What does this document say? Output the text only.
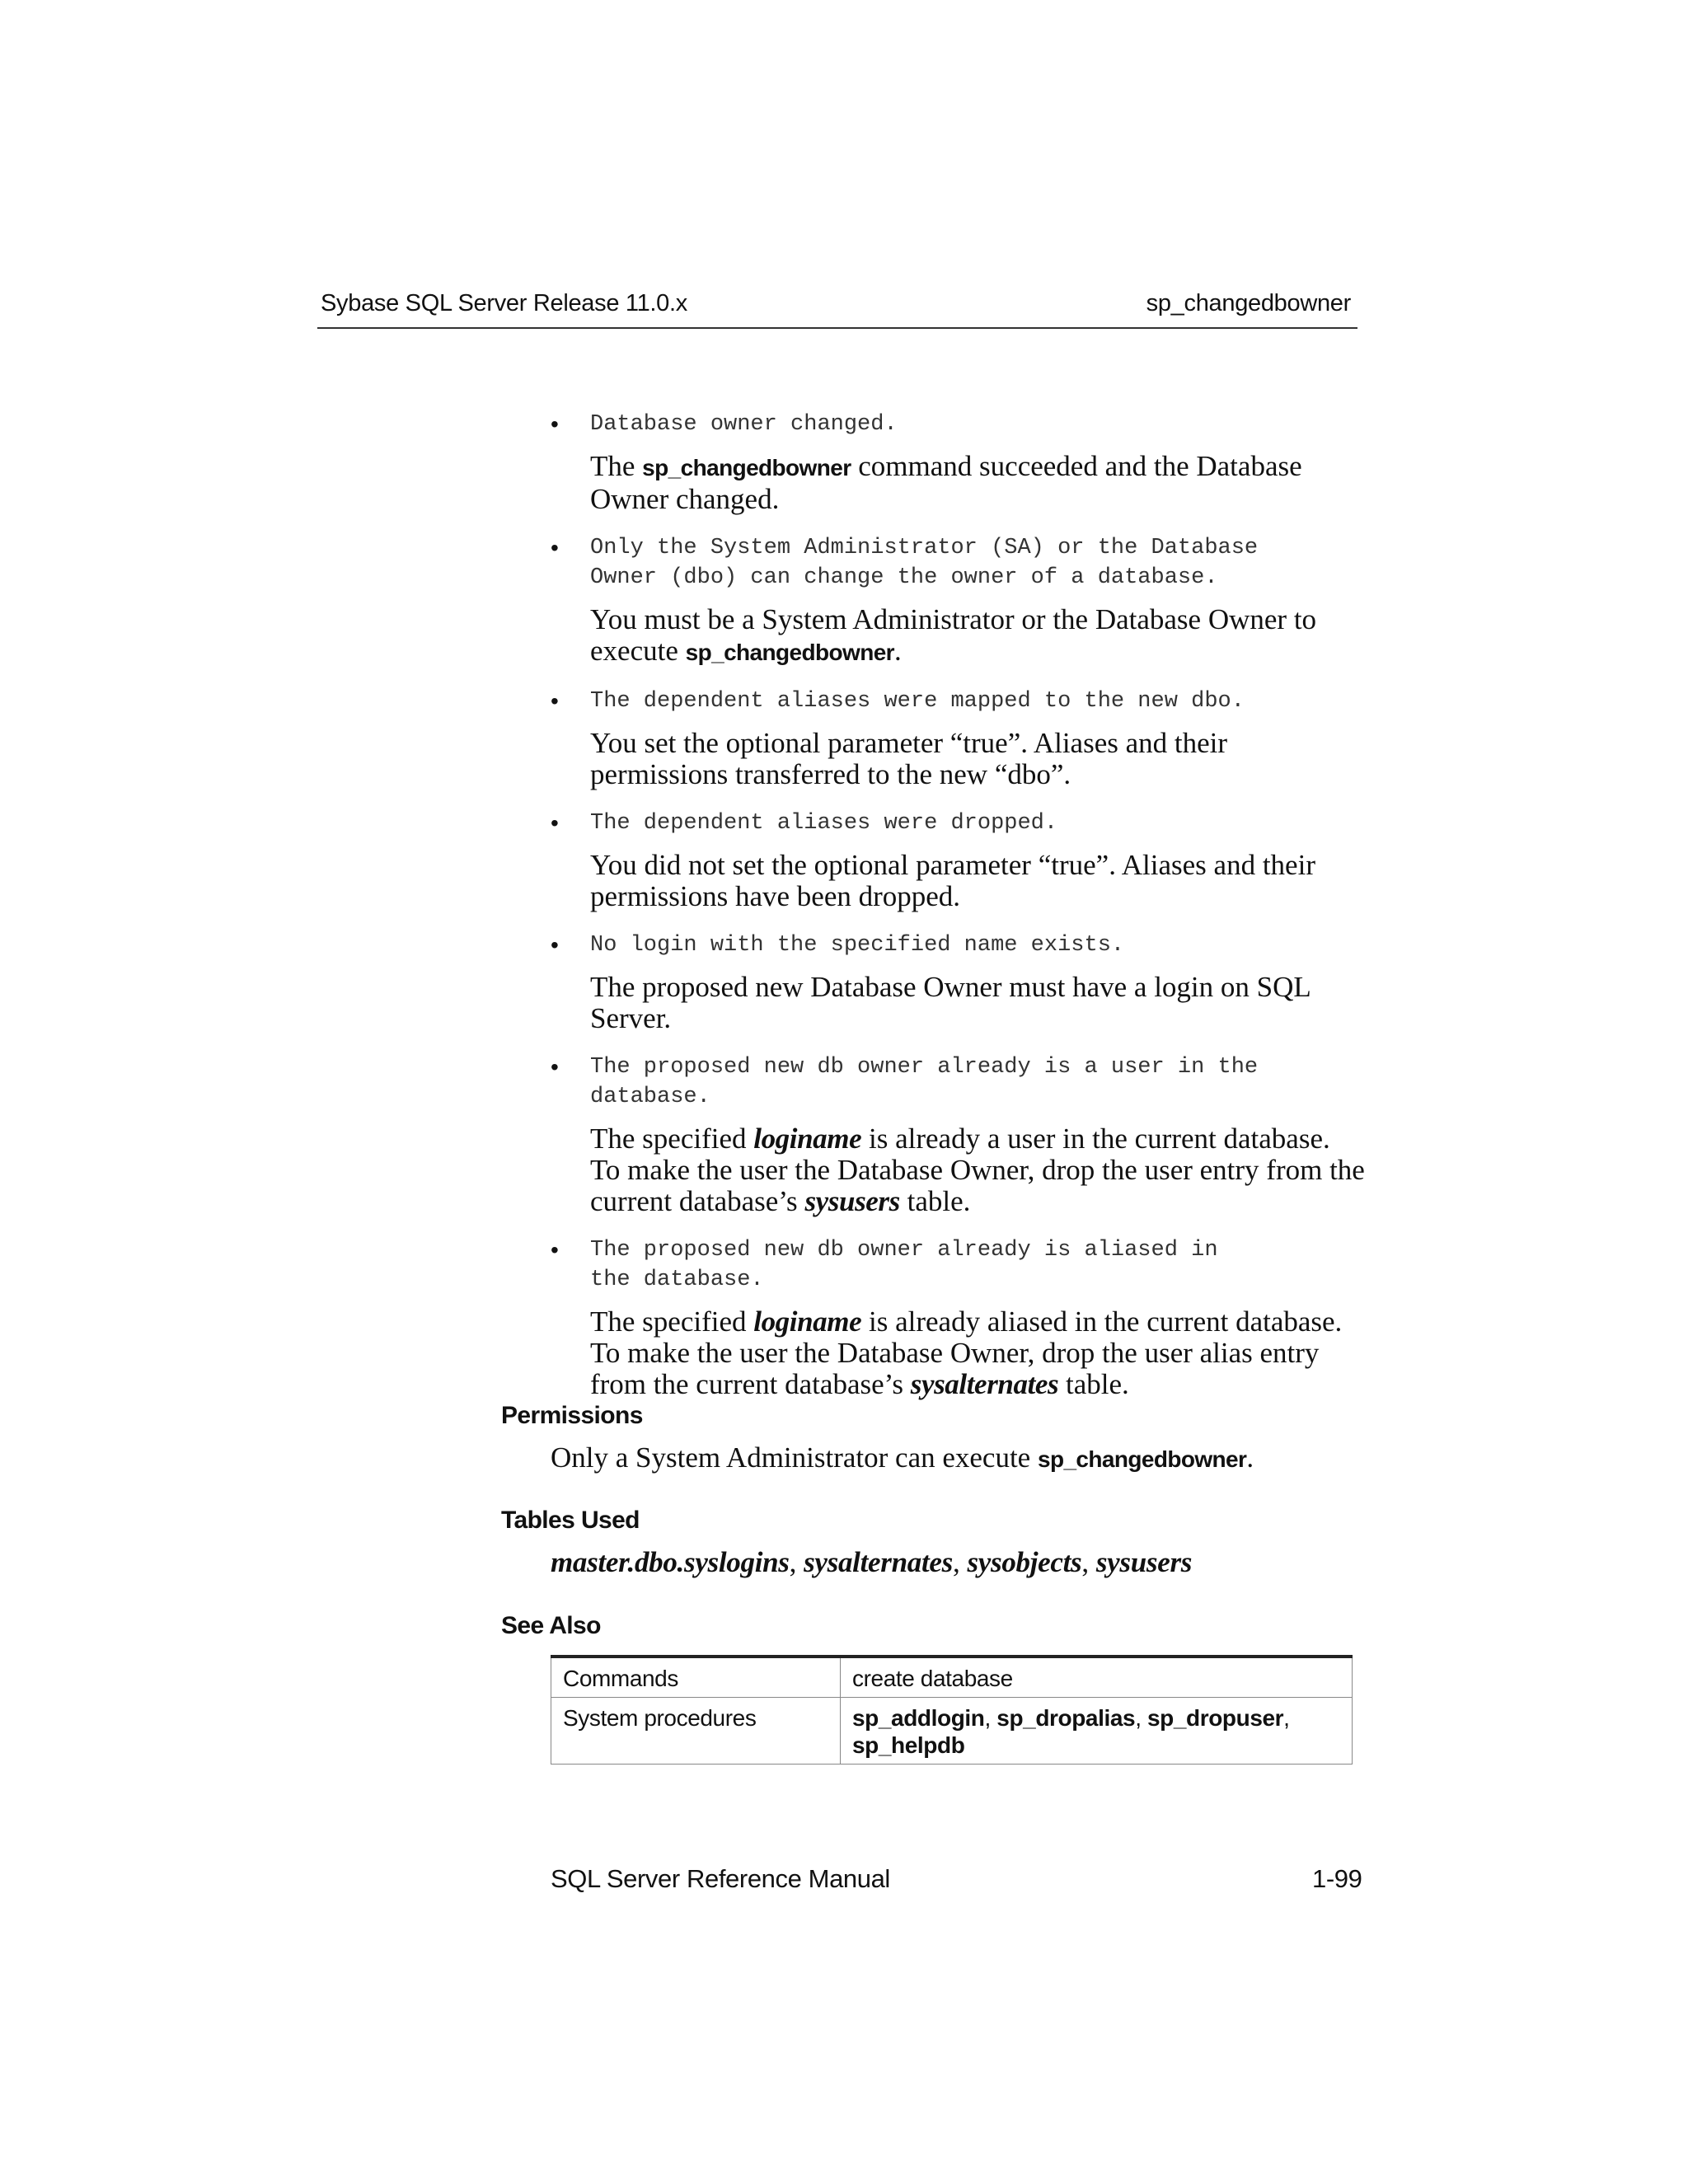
Sybase SQL Server Release 11.0.x	sp_changedbowner
• Database owner changed.
The sp_changedbowner command succeeded and the Database Owner changed.
• Only the System Administrator (SA) or the Database
Owner (dbo) can change the owner of a database.
You must be a System Administrator or the Database Owner to execute sp_changedbowner.
• The dependent aliases were mapped to the new dbo.
You set the optional parameter “true”. Aliases and their permissions transferred to the new “dbo”.
• The dependent aliases were dropped.
You did not set the optional parameter “true”. Aliases and their permissions have been dropped.
• No login with the specified name exists.
The proposed new Database Owner must have a login on SQL Server.
• The proposed new db owner already is a user in the
database.
The specified loginame is already a user in the current database. To make the user the Database Owner, drop the user entry from the current database’s sysusers table.
• The proposed new db owner already is aliased in
the database.
The specified loginame is already aliased in the current database. To make the user the Database Owner, drop the user alias entry from the current database’s sysalternates table.
Permissions
Only a System Administrator can execute sp_changedbowner.
Tables Used
master.dbo.syslogins, sysalternates, sysobjects, sysusers
See Also
Commands	create database
System procedures	sp_addlogin, sp_dropalias, sp_dropuser,
sp_helpdb
SQL Server Reference Manual	1-99
